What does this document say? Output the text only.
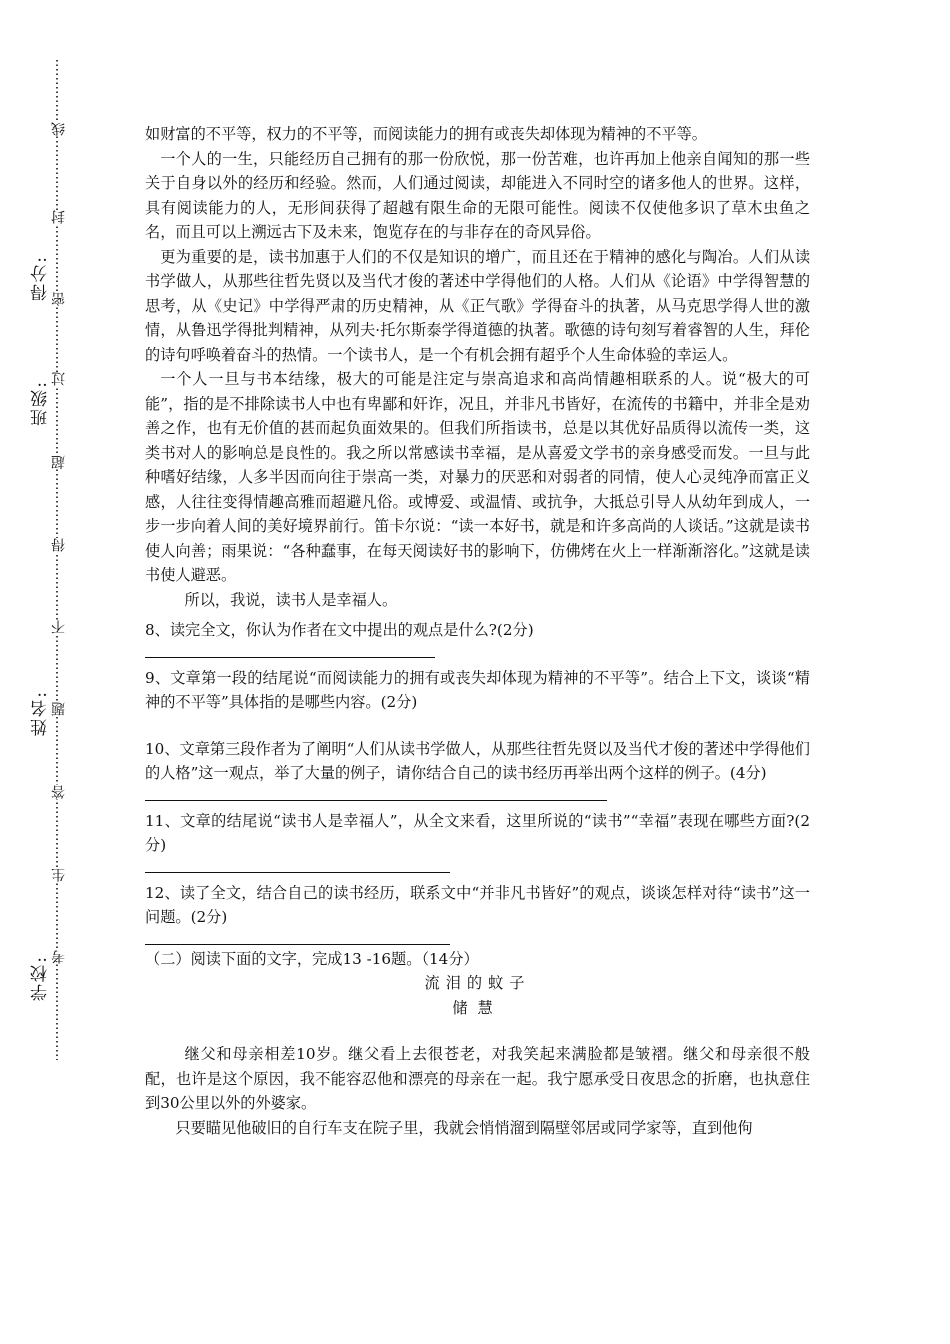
学校:
姓名:
班级:
得分:
线
封
密
过
超
得
不
题
答
生
考

如财富的不平等，权力的不平等，而阅读能力的拥有或丧失却体现为精神的不平等。

一个人的一生，只能经历自己拥有的那一份欣悦，那一份苦难，也许再加上他亲自闻知的那一些关于自身以外的经历和经验。然而，人们通过阅读，却能进入不同时空的诸多他人的世界。这样，具有阅读能力的人，无形间获得了超越有限生命的无限可能性。阅读不仅使他多识了草木虫鱼之名，而且可以上溯远古下及未来，饱览存在的与非存在的奇风异俗。

更为重要的是，读书加惠于人们的不仅是知识的增广，而且还在于精神的感化与陶冶。人们从读书学做人，从那些往哲先贤以及当代才俊的著述中学得他们的人格。人们从《论语》中学得智慧的思考，从《史记》中学得严肃的历史精神，从《正气歌》学得奋斗的执著，从马克思学得人世的激情，从鲁迅学得批判精神，从列夫·托尔斯泰学得道德的执著。歌德的诗句刻写着睿智的人生，拜伦的诗句呼唤着奋斗的热情。一个读书人，是一个有机会拥有超乎个人生命体验的幸运人。

一个人一旦与书本结缘，极大的可能是注定与崇高追求和高尚情趣相联系的人。说“极大的可能”，指的是不排除读书人中也有卑鄙和奸诈，况且，并非凡书皆好，在流传的书籍中，并非全是劝善之作，也有无价值的甚而起负面效果的。但我们所指读书，总是以其优好品质得以流传一类，这类书对人的影响总是良性的。我之所以常感读书幸福，是从喜爱文学书的亲身感受而发。一旦与此种嗜好结缘，人多半因而向往于崇高一类，对暴力的厌恶和对弱者的同情，使人心灵纯净而富正义感，人往往变得情趣高雅而超避凡俗。或博爱、或温情、或抗争，大抵总引导人从幼年到成人，一步一步向着人间的美好境界前行。笛卡尔说：“读一本好书，就是和许多高尚的人谈话。”这就是读书使人向善；雨果说：“各种蠢事，在每天阅读好书的影响下，仿佛烤在火上一样渐渐溶化。”这就是读书使人避恶。

所以，我说，读书人是幸福人。

8、读完全文，你认为作者在文中提出的观点是什么?(2分)

9、文章第一段的结尾说“而阅读能力的拥有或丧失却体现为精神的不平等”。结合上下文，谈谈“精神的不平等”具体指的是哪些内容。(2分)

10、文章第三段作者为了阐明“人们从读书学做人，从那些往哲先贤以及当代才俊的著述中学得他们的人格”这一观点，举了大量的例子，请你结合自己的读书经历再举出两个这样的例子。(4分)

11、文章的结尾说“读书人是幸福人”，从全文来看，这里所说的“读书”“幸福”表现在哪些方面?(2分)

12、读了全文，结合自己的读书经历，联系文中“并非凡书皆好”的观点，谈谈怎样对待“读书”这一问题。(2分)

（二）阅读下面的文字，完成13 -16题。（14分）

流泪的蚊子

储慧

继父和母亲相差10岁。继父看上去很苍老，对我笑起来满脸都是皱褶。继父和母亲很不般配，也许是这个原因，我不能容忍他和漂亮的母亲在一起。我宁愿承受日夜思念的折磨，也执意住到30公里以外的外婆家。

只要瞄见他破旧的自行车支在院子里，我就会悄悄溜到隔壁邻居或同学家等，直到他佝
